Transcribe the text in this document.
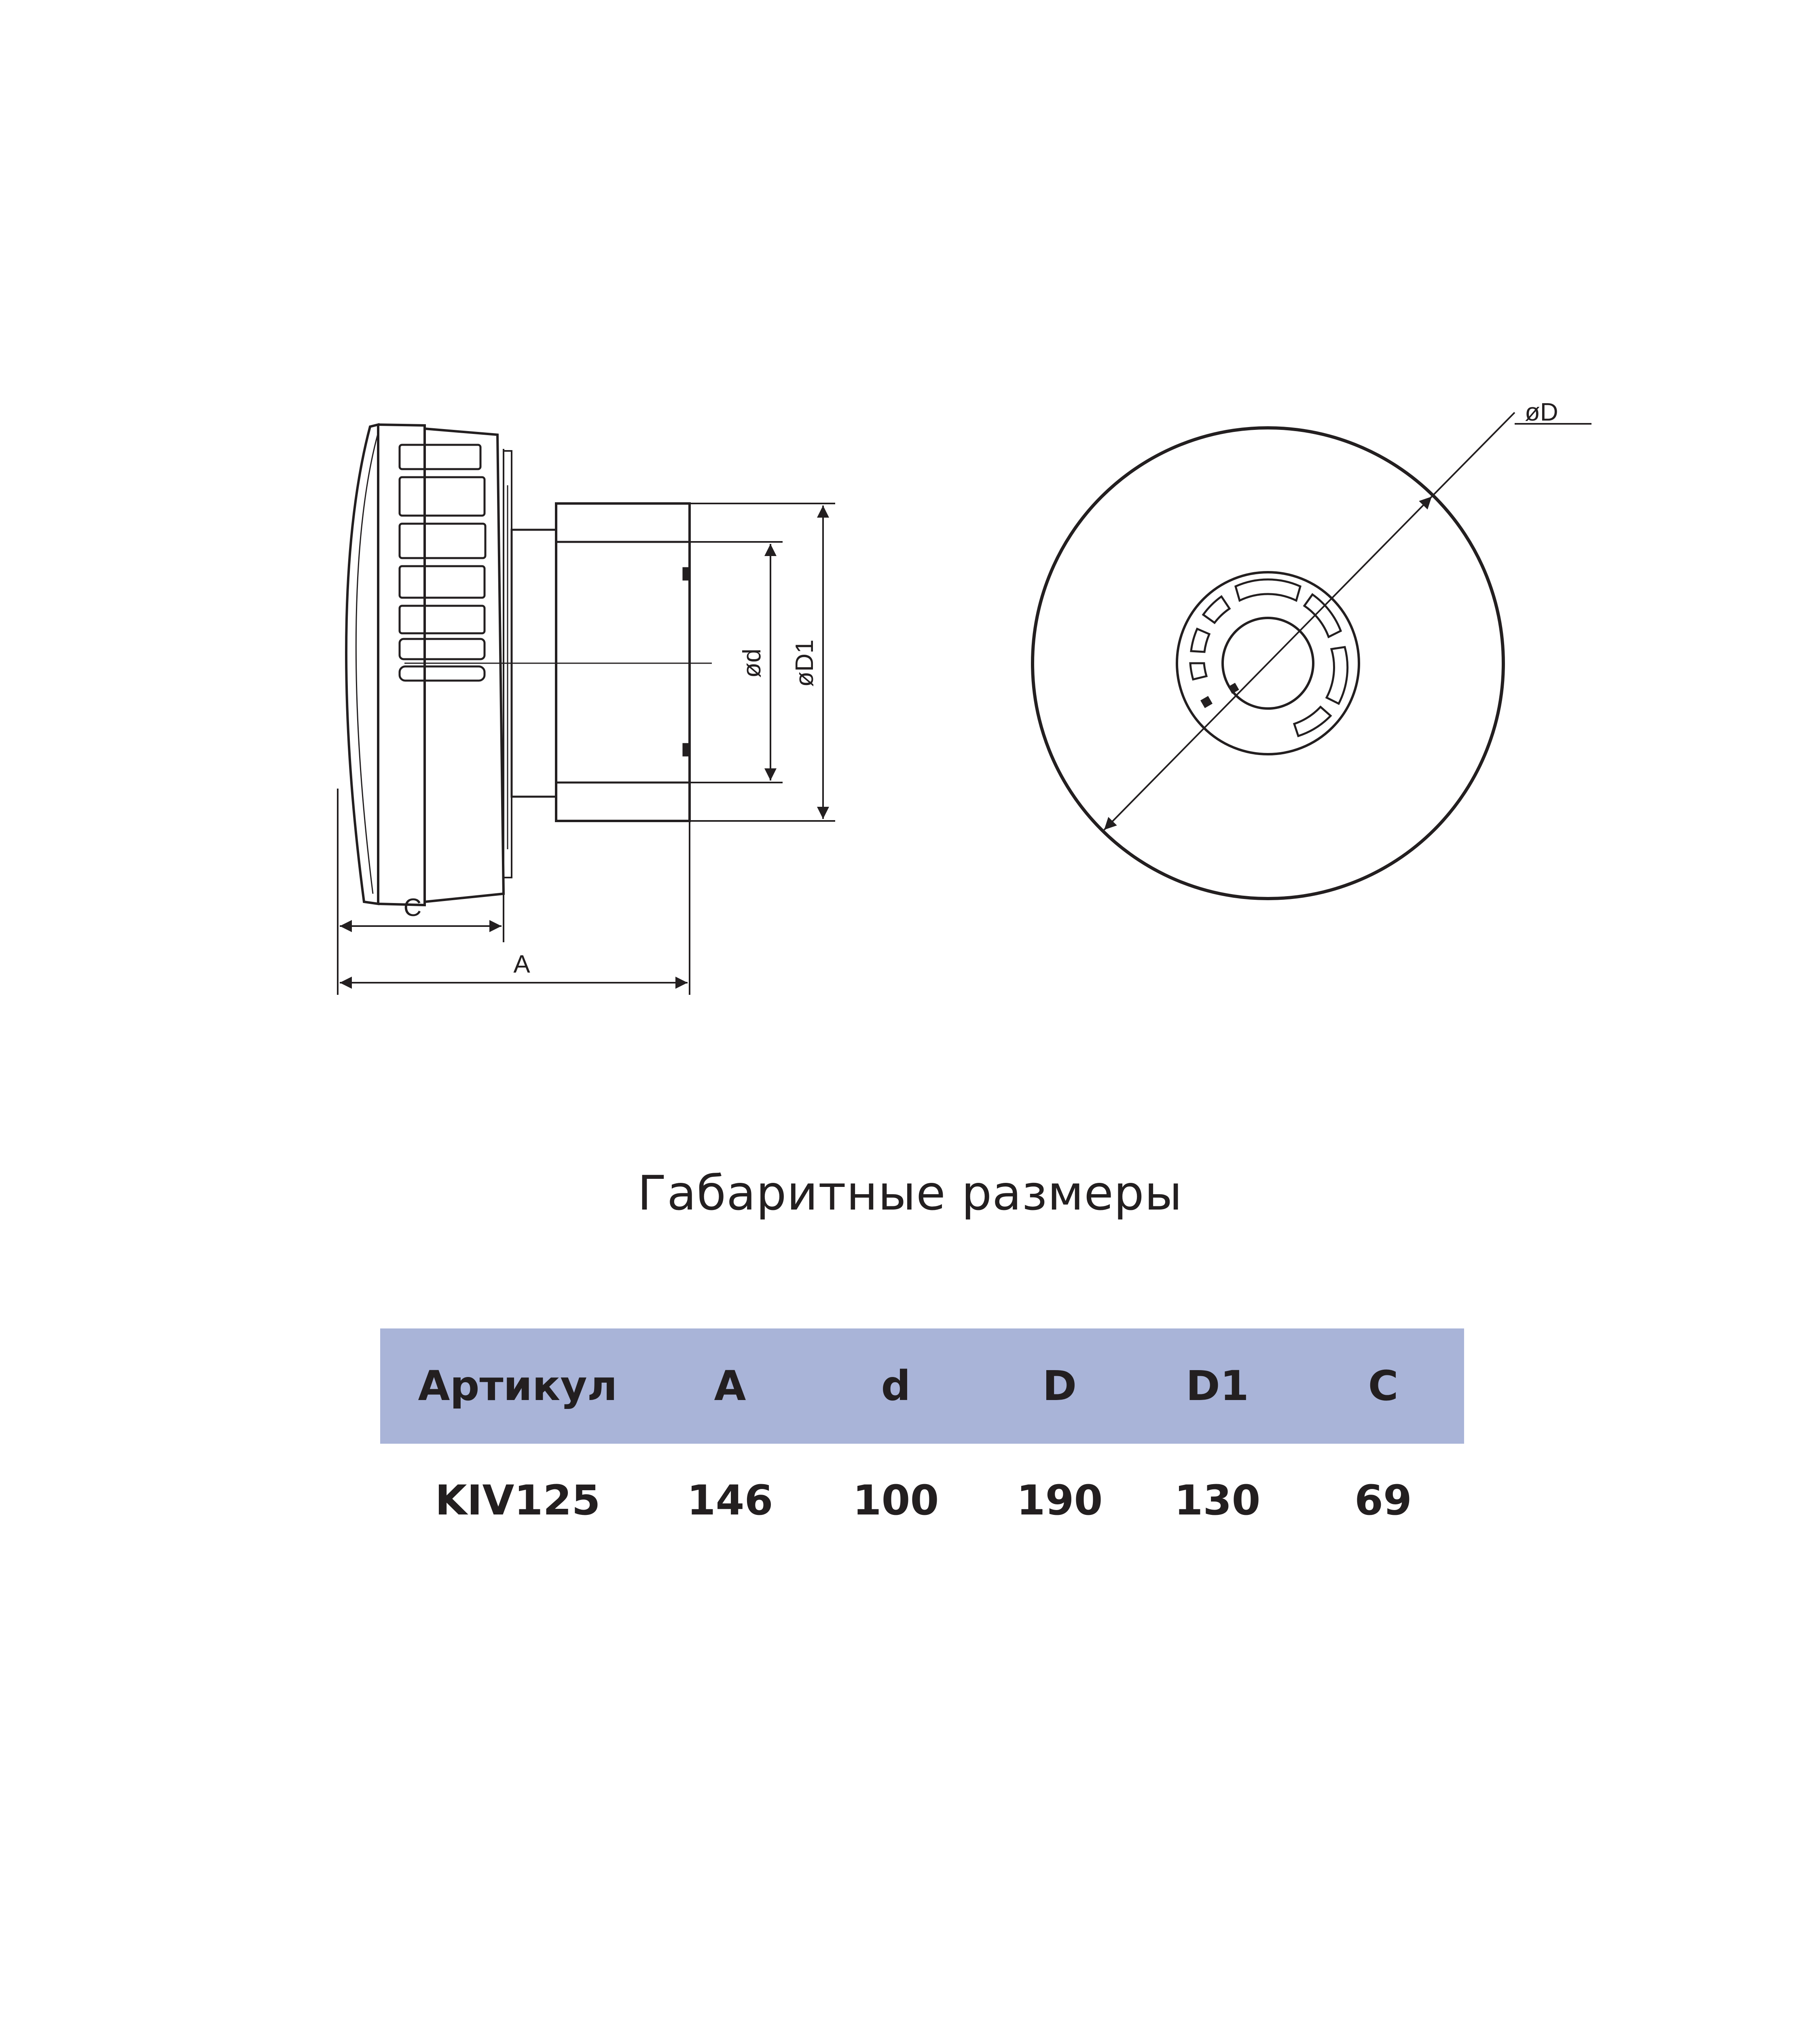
C
A
ød øD1
øD
Габаритные размеры
Артикул	A	d	D	D1	C
KIV125	146	100	190	130	69
